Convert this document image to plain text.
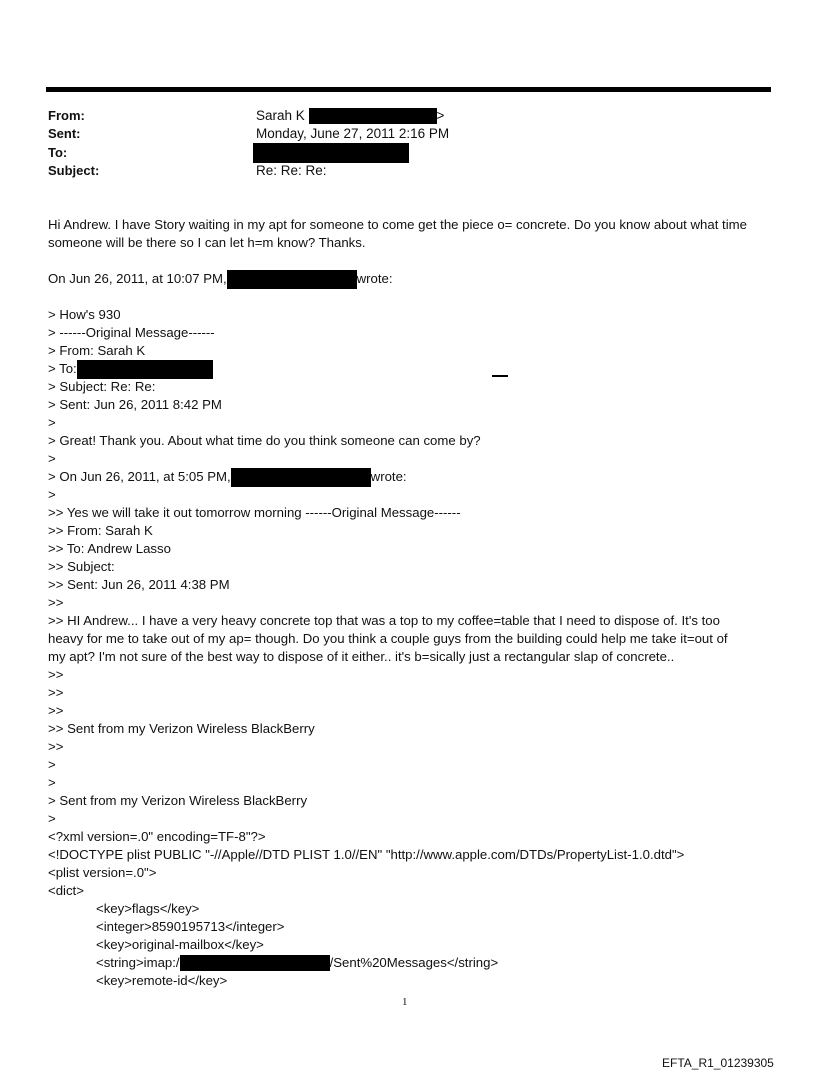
From:	Sarah K	>
Sent:	Monday, June 27, 2011 2:16 PM
To:
Subject:	Re: Re: Re:
Hi Andrew. I have Story waiting in my apt for someone to come get the piece o= concrete. Do you know about what time
someone will be there so I can let h=m know? Thanks.
On Jun 26, 2011, at 10:07 PM,	wrote:
> How's 930
> ------Original Message------
> From: Sarah K
> To:
> Subject: Re: Re:
> Sent: Jun 26, 2011 8:42 PM
>
> Great! Thank you. About what time do you think someone can come by?
>
> On Jun 26, 2011, at 5:05 PM,	wrote:
>
>> Yes we will take it out tomorrow morning ------Original Message------
>> From: Sarah K
>> To: Andrew Lasso
>> Subject:
>> Sent: Jun 26, 2011 4:38 PM
>>
>> HI Andrew... I have a very heavy concrete top that was a top to my coffee=table that I need to dispose of. It's too
heavy for me to take out of my ap= though. Do you think a couple guys from the building could help me take it=out of
my apt? I'm not sure of the best way to dispose of it either.. it's b=sically just a rectangular slap of concrete..
>>
>>
>>
>> Sent from my Verizon Wireless BlackBerry
>>
>
>
> Sent from my Verizon Wireless BlackBerry
>
<?xml version=.0" encoding=TF-8"?>
<!DOCTYPE plist PUBLIC "-//Apple//DTD PLIST 1.0//EN" "http://www.apple.com/DTDs/PropertyList-1.0.dtd">
<plist version=.0">
<dict>
<key>flags</key>
<integer>8590195713</integer>
<key>original-mailbox</key>
<string>imap:/	/Sent%20Messages</string>
<key>remote-id</key>
1
EFTA_R1_01239305
